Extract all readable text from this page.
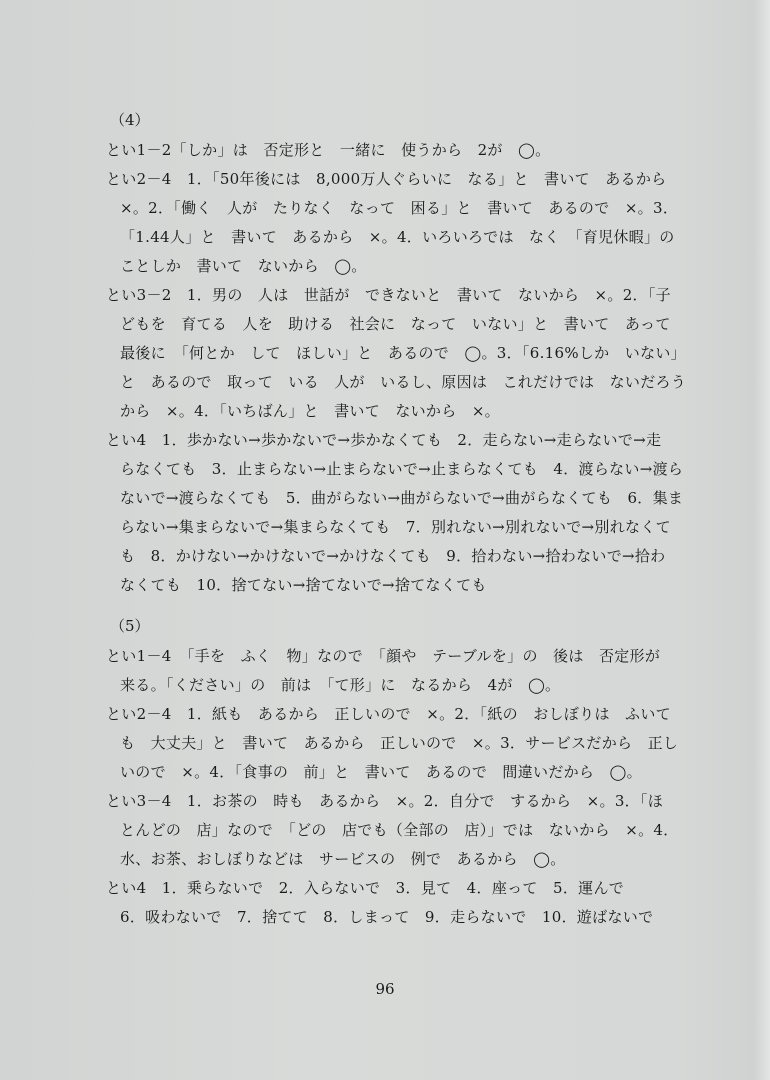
（4）
とい1－2「しか」は　否定形と　一緒に　使うから　2が　◯。
とい2－4　1．「50年後には　8,000万人ぐらいに　なる」と　書いて　あるから
×。2．「働く　人が　たりなく　なって　困る」と　書いて　あるので　×。3．
「1.44人」と　書いて　あるから　×。4．いろいろでは　なく　「育児休暇」の
ことしか　書いて　ないから　◯。
とい3－2　1．男の　人は　世話が　できないと　書いて　ないから　×。2．「子
どもを　育てる　人を　助ける　社会に　なって　いない」と　書いて　あって
最後に　「何とか　して　ほしい」と　あるので　◯。3．「6.16%しか　いない」
と　あるので　取って　いる　人が　いるし、原因は　これだけでは　ないだろう
から　×。4．「いちばん」と　書いて　ないから　×。
とい4　1．歩かない→歩かないで→歩かなくても　2．走らない→走らないで→走
らなくても　3．止まらない→止まらないで→止まらなくても　4．渡らない→渡ら
ないで→渡らなくても　5．曲がらない→曲がらないで→曲がらなくても　6．集ま
らない→集まらないで→集まらなくても　7．別れない→別れないで→別れなくて
も　8．かけない→かけないで→かけなくても　9．拾わない→拾わないで→拾わ
なくても　10．捨てない→捨てないで→捨てなくても
（5）
とい1－4　「手を　ふく　物」なので　「顔や　テーブルを」の　後は　否定形が
来る。「ください」の　前は　「て形」に　なるから　4が　◯。
とい2－4　1．紙も　あるから　正しいので　×。2．「紙の　おしぼりは　ふいて
も　大丈夫」と　書いて　あるから　正しいので　×。3．サービスだから　正し
いので　×。4．「食事の　前」と　書いて　あるので　間違いだから　◯。
とい3－4　1．お茶の　時も　あるから　×。2．自分で　するから　×。3．「ほ
とんどの　店」なので　「どの　店でも（全部の　店）」では　ないから　×。4．
水、お茶、おしぼりなどは　サービスの　例で　あるから　◯。
とい4　1．乗らないで　2．入らないで　3．見て　4．座って　5．運んで
6．吸わないで　7．捨てて　8．しまって　9．走らないで　10．遊ばないで
96
